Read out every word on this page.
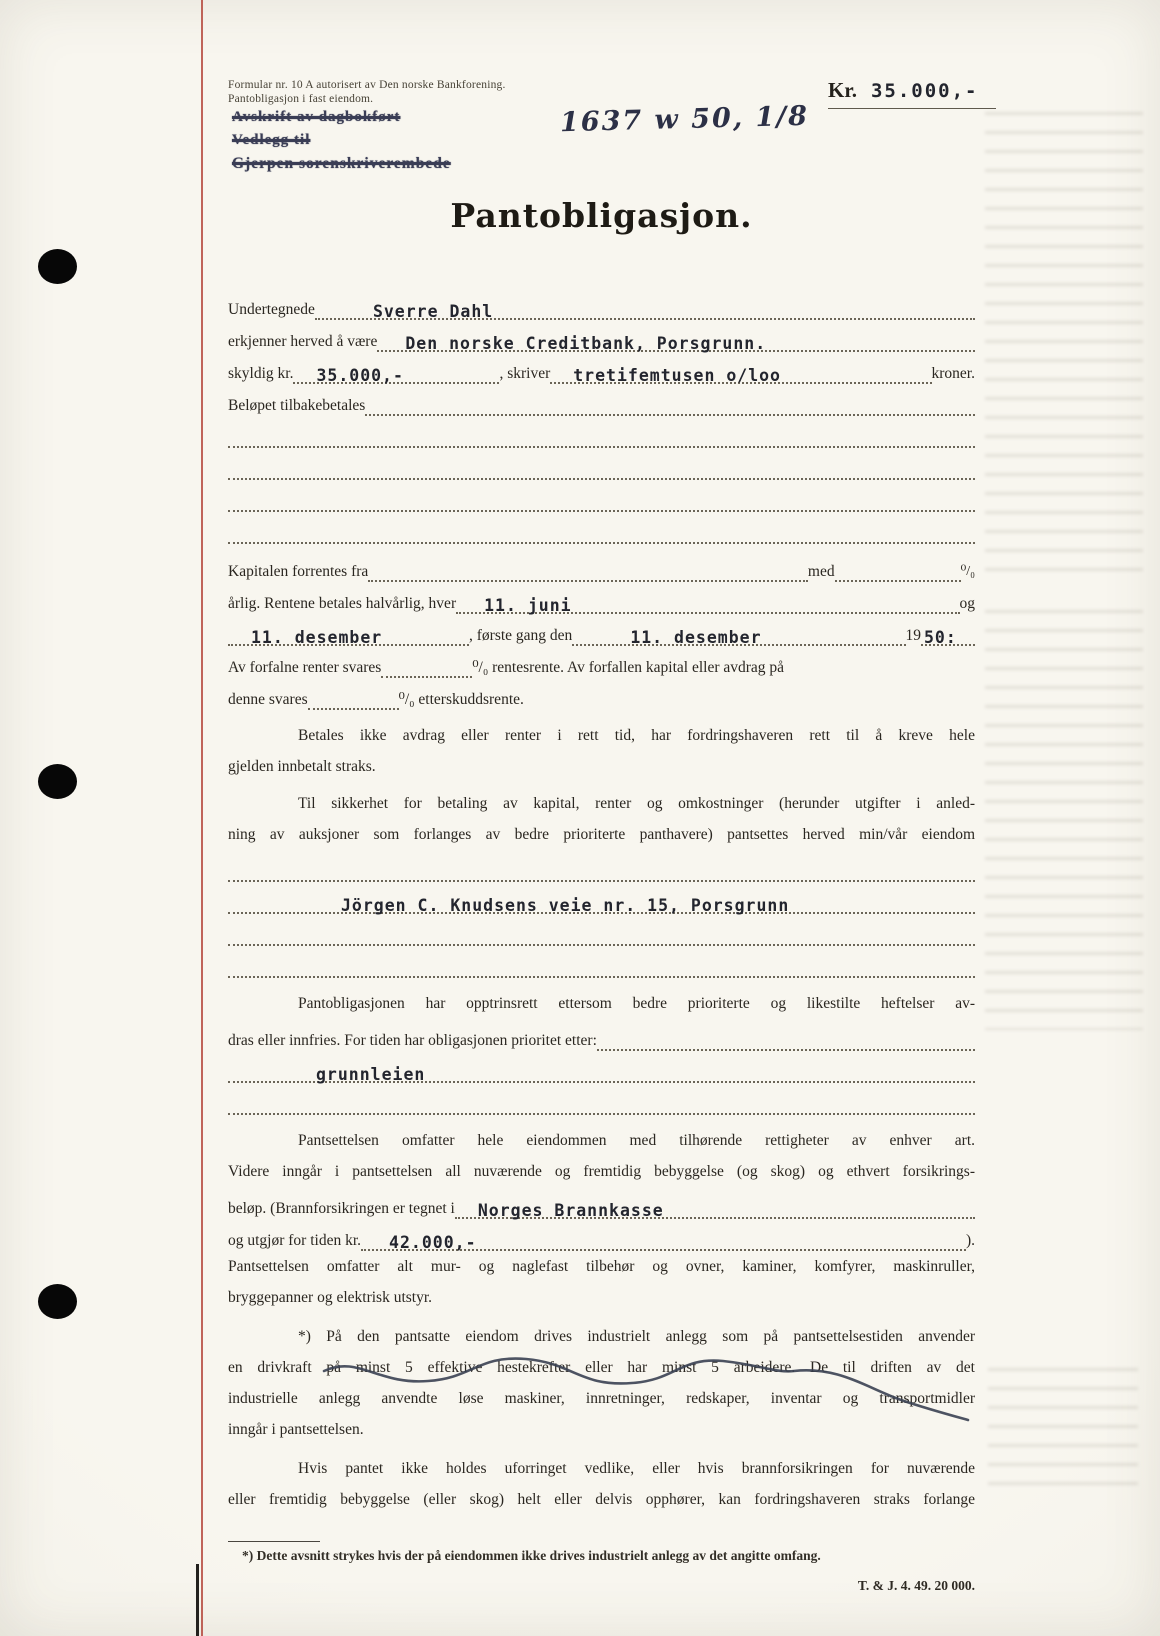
Formular nr. 10 A autorisert av Den norske Bankforening.
Pantobligasjon i fast eiendom.	Kr. 35.000,-
Avskrift av dagbokført
Vedlegg til
Gjerpen sorenskriverembede
1637 w 50, 1/8
Pantobligasjon.
Undertegnede	Sverre Dahl
erkjenner herved å være Den norske Creditbank, Porsgrunn.
skyldig kr. 35.000,-	, skriver tretifemtusen o/loo	kroner.
Beløpet tilbakebetales
Kapitalen forrentes fra	med	⁰/₀
årlig. Rentene betales halvårlig, hver 11. juni	og
11. desember	, første gang den	11. desember	19 50:
Av forfalne renter svares	⁰/₀ rentesrente. Av forfallen kapital eller avdrag på
denne svares	⁰/₀ etterskuddsrente.
Betales ikke avdrag eller renter i rett tid, har fordringshaveren rett til å kreve hele
gjelden innbetalt straks.
Til sikkerhet for betaling av kapital, renter og omkostninger (herunder utgifter i anled-
ning av auksjoner som forlanges av bedre prioriterte panthavere) pantsettes herved min/vår eiendom
Jörgen C. Knudsens veie nr. 15, Porsgrunn
Pantobligasjonen har opptrinsrett ettersom bedre prioriterte og likestilte heftelser av-
dras eller innfries. For tiden har obligasjonen prioritet etter:
grunnleien
Pantsettelsen omfatter hele eiendommen med tilhørende rettigheter av enhver art.
Videre inngår i pantsettelsen all nuværende og fremtidig bebyggelse (og skog) og ethvert forsikrings-
beløp. (Brannforsikringen er tegnet i Norges Brannkasse
og utgjør for tiden kr. 42.000,-	).
Pantsettelsen omfatter alt mur- og naglefast tilbehør og ovner, kaminer, komfyrer, maskinruller,
bryggepanner og elektrisk utstyr.
*) På den pantsatte eiendom drives industrielt anlegg som på pantsettelsestiden anvender
en drivkraft på minst 5 effektive hestekrefter eller har minst 5 arbeidere. De til driften av det
industrielle anlegg anvendte løse maskiner, innretninger, redskaper, inventar og transportmidler
inngår i pantsettelsen.
Hvis pantet ikke holdes uforringet vedlike, eller hvis brannforsikringen for nuværende
eller fremtidig bebyggelse (eller skog) helt eller delvis opphører, kan fordringshaveren straks forlange
*) Dette avsnitt strykes hvis der på eiendommen ikke drives industrielt anlegg av det angitte omfang.
T. & J. 4. 49. 20 000.
